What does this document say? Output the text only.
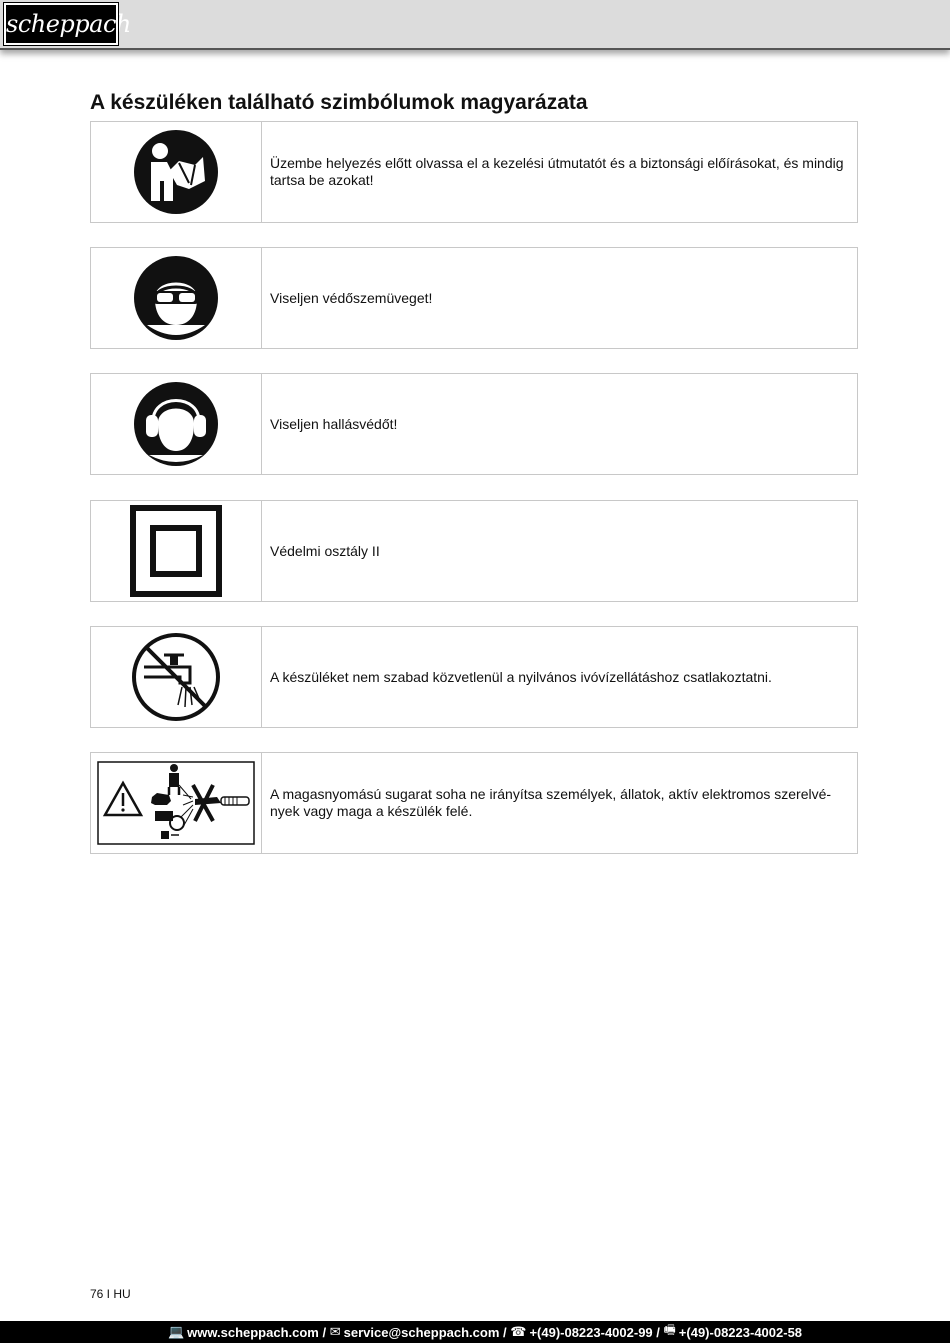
scheppach
A készüléken található szimbólumok magyarázata
Üzembe helyezés előtt olvassa el a kezelési útmutatót és a biztonsági előírásokat, és mindig tartsa be azokat!
Viseljen védőszemüveget!
Viseljen hallásvédőt!
Védelmi osztály II
A készüléket nem szabad közvetlenül a nyilvános ivóvízellátáshoz csatlakoztatni.
A magasnyomású sugarat soha ne irányítsa személyek, állatok, aktív elektromos szerelvé-nyek vagy maga a készülék felé.
76 I HU
💻 www.scheppach.com / ✉ service@scheppach.com / ☎ +(49)-08223-4002-99 / 🖷 +(49)-08223-4002-58
